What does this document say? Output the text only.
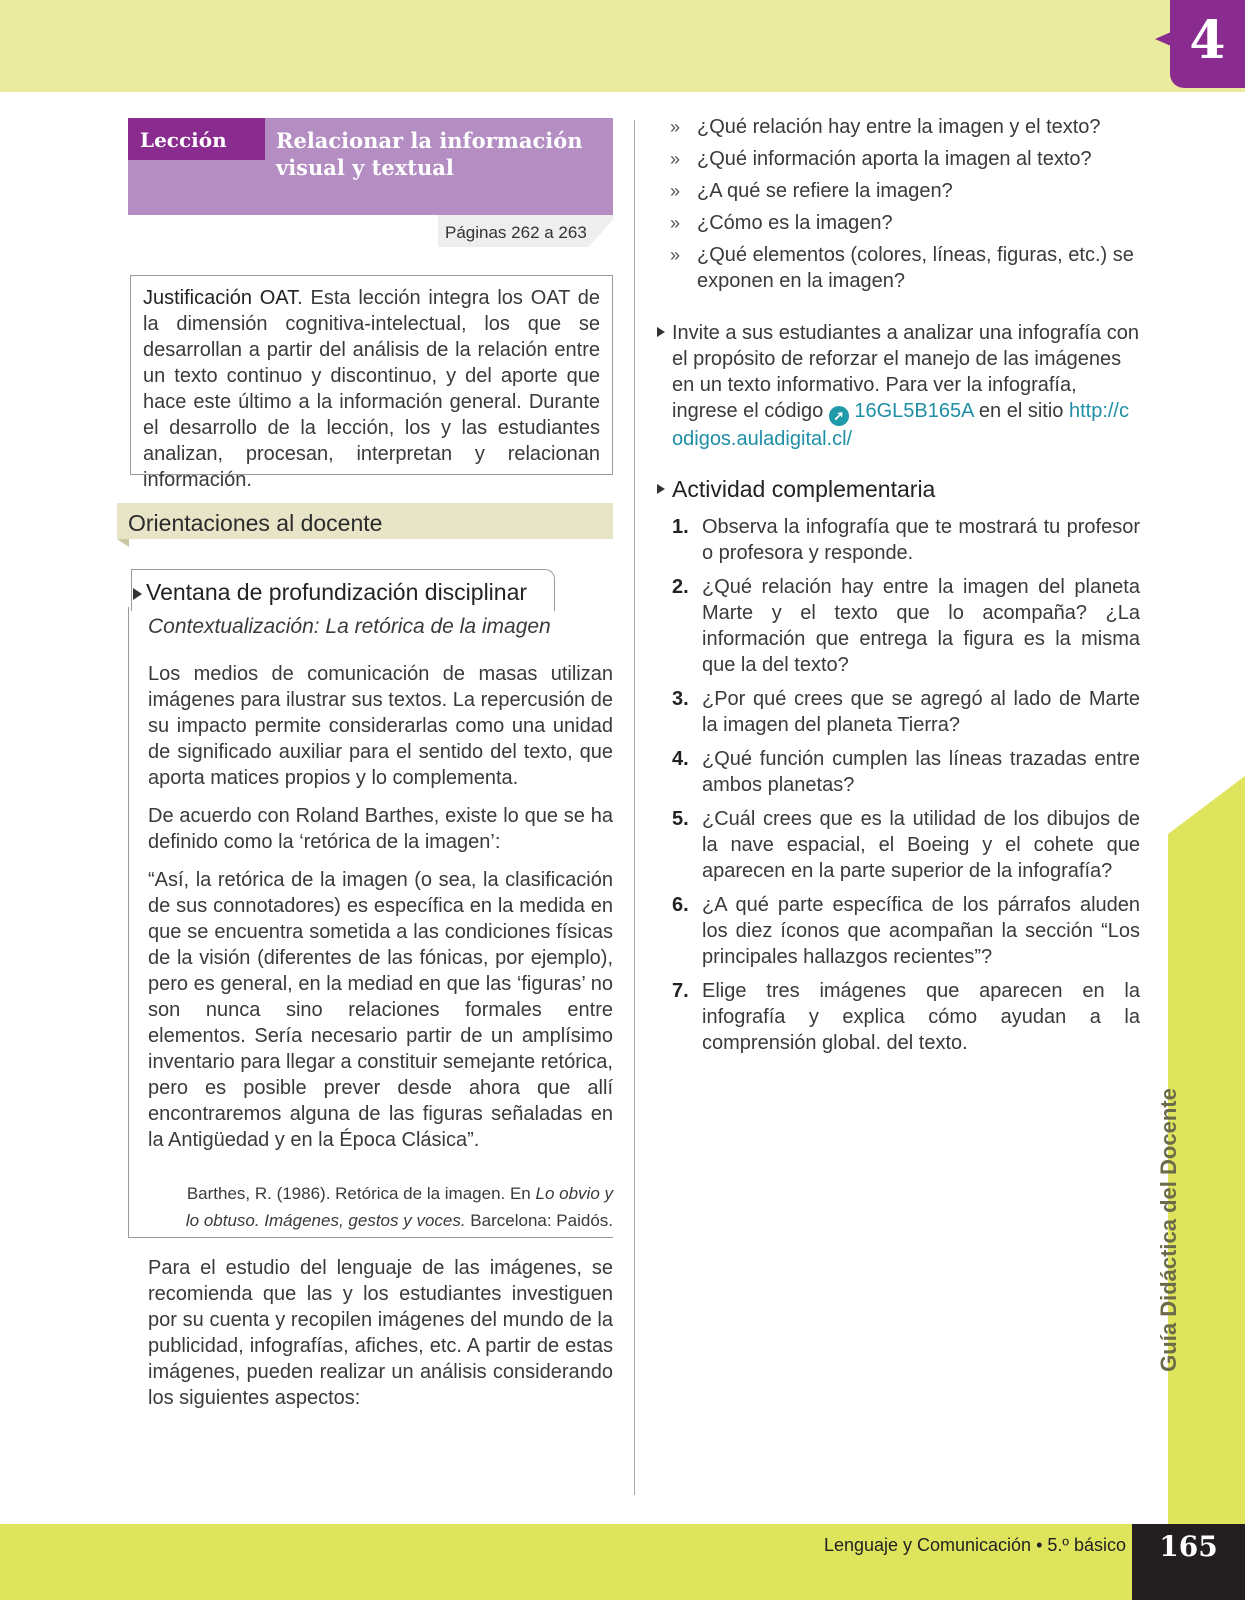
4
Guía Didáctica del Docente
Lenguaje y Comunicación • 5.º básico	165
Lección	Relacionar la información visual y textual
Páginas 262 a 263

Justificación OAT. Esta lección integra los OAT de la dimensión cognitiva-intelectual, los que se desarrollan a partir del análisis de la relación entre un texto continuo y discontinuo, y del aporte que hace este último a la información general. Durante el desarrollo de la lección, los y las estudiantes analizan, procesan, interpretan y relacionan información.

Orientaciones al docente
Ventana de profundización disciplinar
Contextualización: La retórica de la imagen

Los medios de comunicación de masas utilizan imágenes para ilustrar sus textos. La repercusión de su impacto permite considerarlas como una unidad de significado auxiliar para el sentido del texto, que aporta matices propios y lo complementa.

De acuerdo con Roland Barthes, existe lo que se ha definido como la ‘retórica de la imagen’:

“Así, la retórica de la imagen (o sea, la clasificación de sus connotadores) es específica en la medida en que se encuentra sometida a las condiciones físicas de la visión (diferentes de las fónicas, por ejemplo), pero es general, en la mediad en que las ‘figuras’ no son nunca sino relaciones formales entre elementos. Sería necesario partir de un amplísimo inventario para llegar a constituir semejante retórica, pero es posible prever desde ahora que allí encontraremos alguna de las figuras señaladas en la Antigüedad y en la Época Clásica”.

Barthes, R. (1986). Retórica de la imagen. En Lo obvio y lo obtuso. Imágenes, gestos y voces. Barcelona: Paidós.

Para el estudio del lenguaje de las imágenes, se recomienda que las y los estudiantes investiguen por su cuenta y recopilen imágenes del mundo de la publicidad, infografías, afiches, etc. A partir de estas imágenes, pueden realizar un análisis considerando los siguientes aspectos:

» ¿Qué relación hay entre la imagen y el texto?
» ¿Qué información aporta la imagen al texto?
» ¿A qué se refiere la imagen?
» ¿Cómo es la imagen?
» ¿Qué elementos (colores, líneas, figuras, etc.) se exponen en la imagen?
Invite a sus estudiantes a analizar una infografía con el propósito de reforzar el manejo de las imágenes en un texto informativo. Para ver la infografía, ingrese el código ➚ 16GL5B165A en el sitio http://codigos.auladigital.cl/
Actividad complementaria
1. Observa la infografía que te mostrará tu profesor o profesora y responde.
2. ¿Qué relación hay entre la imagen del planeta Marte y el texto que lo acompaña? ¿La información que entrega la figura es la misma que la del texto?
3. ¿Por qué crees que se agregó al lado de Marte la imagen del planeta Tierra?
4. ¿Qué función cumplen las líneas trazadas entre ambos planetas?
5. ¿Cuál crees que es la utilidad de los dibujos de la nave espacial, el Boeing y el cohete que aparecen en la parte superior de la infografía?
6. ¿A qué parte específica de los párrafos aluden los diez íconos que acompañan la sección “Los principales hallazgos recientes”?
7. Elige tres imágenes que aparecen en la infografía y explica cómo ayudan a la comprensión global. del texto.
